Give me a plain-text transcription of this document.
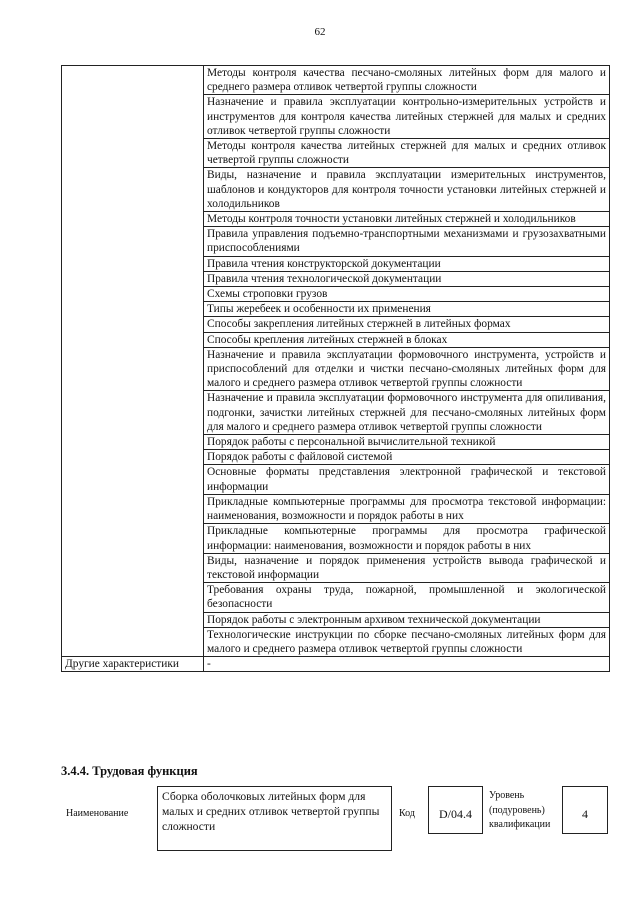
62
	Методы контроля качества песчано-смоляных литейных форм для малого и среднего размера отливок четвертой группы сложности
	Назначение и правила эксплуатации контрольно-измерительных устройств и инструментов для контроля качества литейных стержней для малых и средних отливок четвертой группы сложности
	Методы контроля качества литейных стержней для малых и средних отливок четвертой группы сложности
	Виды, назначение и правила эксплуатации измерительных инструментов, шаблонов и кондукторов для контроля точности установки литейных стержней и холодильников
	Методы контроля точности установки литейных стержней и холодильников
	Правила управления подъемно-транспортными механизмами и грузозахватными приспособлениями
	Правила чтения конструкторской документации
	Правила чтения технологической документации
	Схемы строповки грузов
	Типы жеребеек и особенности их применения
	Способы закрепления литейных стержней в литейных формах
	Способы крепления литейных стержней в блоках
	Назначение и правила эксплуатации формовочного инструмента, устройств и приспособлений для отделки и чистки песчано-смоляных литейных форм для малого и среднего размера отливок четвертой группы сложности
	Назначение и правила эксплуатации формовочного инструмента для опиливания, подгонки, зачистки литейных стержней для песчано-смоляных литейных форм для малого и среднего размера отливок четвертой группы сложности
	Порядок работы с персональной вычислительной техникой
	Порядок работы с файловой системой
	Основные форматы представления электронной графической и текстовой информации
	Прикладные компьютерные программы для просмотра текстовой информации: наименования, возможности и порядок работы в них
	Прикладные компьютерные программы для просмотра графической информации: наименования, возможности и порядок работы в них
	Виды, назначение и порядок применения устройств вывода графической и текстовой информации
	Требования охраны труда, пожарной, промышленной и экологической безопасности
	Порядок работы с электронным архивом технической документации
	Технологические инструкции по сборке песчано-смоляных литейных форм для малого и среднего размера отливок четвертой группы сложности
Другие характеристики	-
3.4.4. Трудовая функция
Наименование
Сборка оболочковых литейных форм для малых и средних отливок четвертой группы сложности
Код	D/04.4
Уровень
(подуровень)
квалификации
4
